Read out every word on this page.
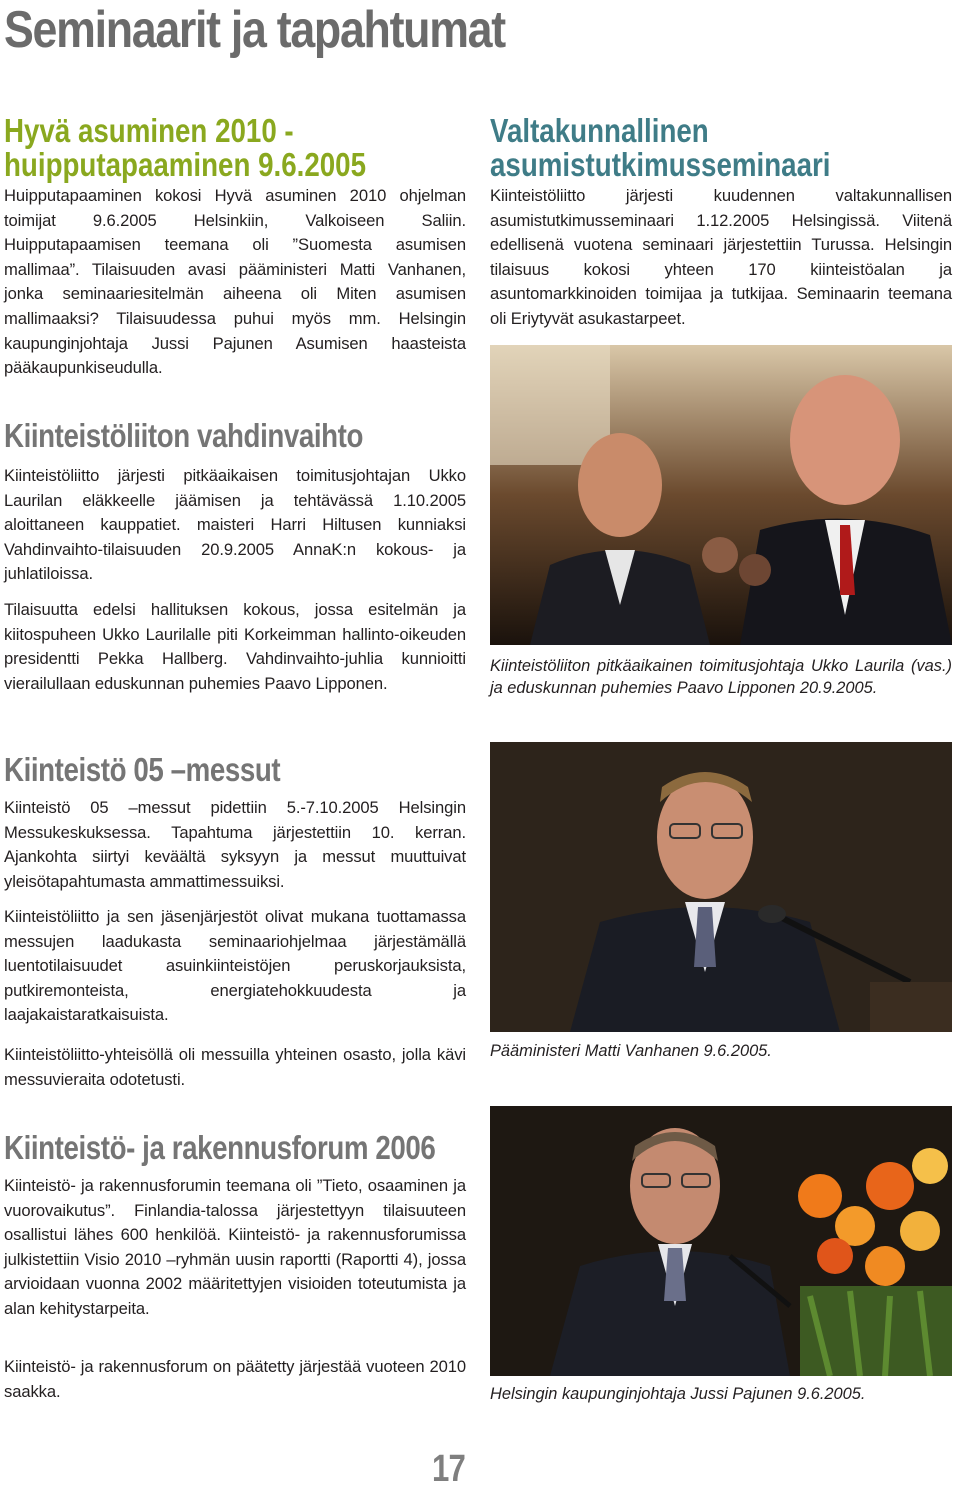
Seminaarit ja tapahtumat
Hyvä asuminen 2010 -
huipputapaaminen 9.6.2005

Huipputapaaminen kokosi Hyvä asuminen 2010 ohjelman toimijat 9.6.2005 Helsinkiin, Valkoiseen Saliin. Huipputapaamisen teemana oli ”Suomesta asumisen mallimaa”. Tilaisuuden avasi pääministeri Matti Vanhanen, jonka seminaariesitelmän aiheena oli Miten asumisen mallimaaksi? Tilaisuudessa puhui myös mm. Helsingin kaupunginjohtaja Jussi Pajunen Asumisen haasteista pääkaupunkiseudulla.

Kiinteistöliiton vahdinvaihto

Kiinteistöliitto järjesti pitkäaikaisen toimitusjohtajan Ukko Laurilan eläkkeelle jäämisen ja tehtävässä 1.10.2005 aloittaneen kauppatiet. maisteri Harri Hiltusen kunniaksi Vahdinvaihto-tilaisuuden 20.9.2005 AnnaK:n kokous- ja juhlatiloissa.

Tilaisuutta edelsi hallituksen kokous, jossa esitelmän ja kiitospuheen Ukko Laurilalle piti Korkeimman hallinto-oikeuden presidentti Pekka Hallberg. Vahdinvaihto-juhlia kunnioitti vierailullaan eduskunnan puhemies Paavo Lipponen.

Kiinteistö 05 –messut

Kiinteistö 05 –messut pidettiin 5.-7.10.2005 Helsingin Messukeskuksessa. Tapahtuma järjestettiin 10. kerran. Ajankohta siirtyi keväältä syksyyn ja messut muuttuivat yleisötapahtumasta ammattimessuiksi.

Kiinteistöliitto ja sen jäsenjärjestöt olivat mukana tuottamassa messujen laadukasta seminaariohjelmaa järjestämällä luentotilaisuudet asuinkiinteistöjen peruskorjauksista, putkiremonteista, energiatehokkuudesta ja laajakaistaratkaisuista.

Kiinteistöliitto-yhteisöllä oli messuilla yhteinen osasto, jolla kävi messuvieraita odotetusti.

Kiinteistö- ja rakennusforum 2006

Kiinteistö- ja rakennusforumin teemana oli ”Tieto, osaaminen ja vuorovaikutus”. Finlandia-talossa järjestettyyn tilaisuuteen osallistui lähes 600 henkilöä. Kiinteistö- ja rakennusforumissa julkistettiin Visio 2010 –ryhmän uusin raportti (Raportti 4), jossa arvioidaan vuonna 2002 määritettyjen visioiden toteutumista ja alan kehitystarpeita.

Kiinteistö- ja rakennusforum on päätetty järjestää vuoteen 2010 saakka.

Valtakunnallinen
asumistutkimusseminaari

Kiinteistöliitto järjesti kuudennen valtakunnallisen asumistutkimusseminaari 1.12.2005 Helsingissä. Viitenä edellisenä vuotena seminaari järjestettiin Turussa. Helsingin tilaisuus kokosi yhteen 170 kiinteistöalan ja asuntomarkkinoiden toimijaa ja tutkijaa. Seminaarin teemana oli Eriytyvät asukastarpeet.

Kiinteistöliiton pitkäaikainen toimitusjohtaja Ukko Laurila (vas.) ja eduskunnan puhemies Paavo Lipponen 20.9.2005.

Pääministeri Matti Vanhanen 9.6.2005.

Helsingin kaupunginjohtaja Jussi Pajunen 9.6.2005.

17
